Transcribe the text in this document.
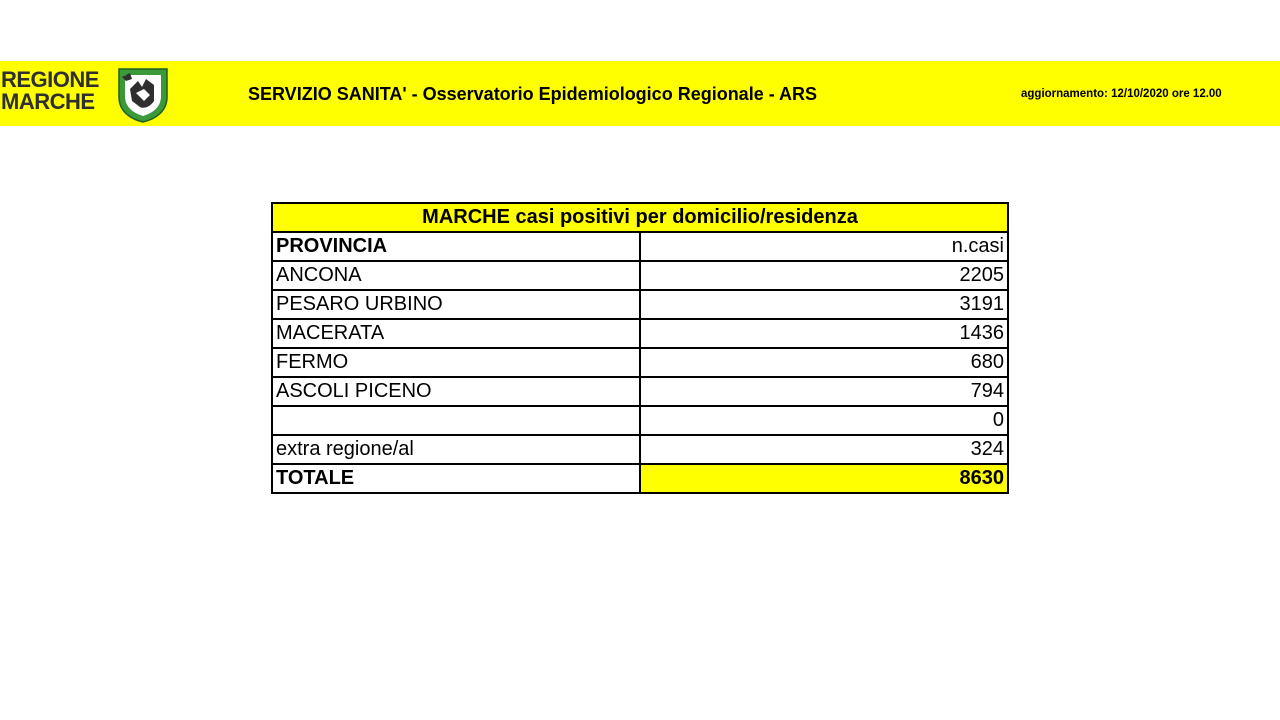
REGIONE
MARCHE	SERVIZIO SANITA' - Osservatorio Epidemiologico Regionale - ARS	aggiornamento: 12/10/2020 ore 12.00
MARCHE casi positivi per domicilio/residenza	
PROVINCIA	n.casi
ANCONA	2205
PESARO URBINO	3191
MACERATA	1436
FERMO	680
ASCOLI PICENO	794
	0
extra regione/al	324
TOTALE	8630
